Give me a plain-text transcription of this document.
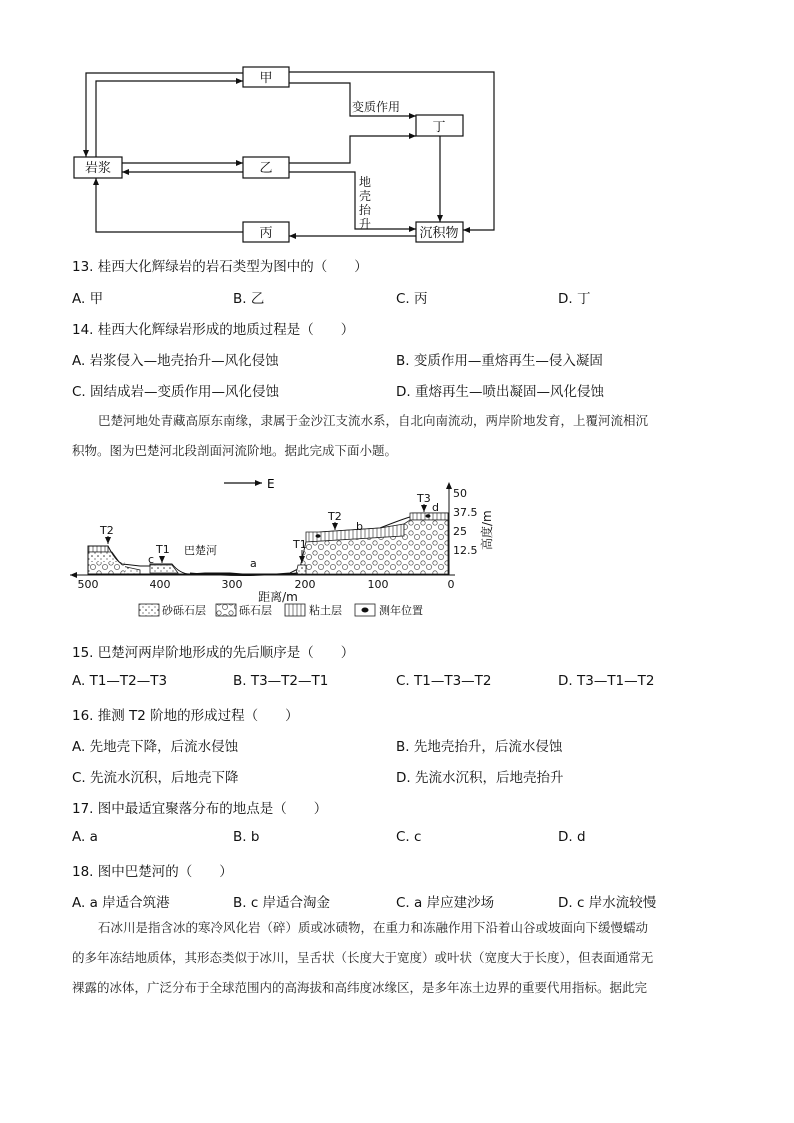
甲
丁
岩浆	乙
丙	沉积物
变质作用
地
壳
抬
升
13. 桂西大化辉绿岩的岩石类型为图中的（　　）
A. 甲	B. 乙	C. 丙	D. 丁
14. 桂西大化辉绿岩形成的地质过程是（　　）
A. 岩浆侵入—地壳抬升—风化侵蚀	B. 变质作用—重熔再生—侵入凝固
C. 固结成岩—变质作用—风化侵蚀	D. 重熔再生—喷出凝固—风化侵蚀
巴楚河地处青藏高原东南缘，隶属于金沙江支流水系，自北向南流动，两岸阶地发育，上覆河流相沉
积物。图为巴楚河北段剖面河流阶地。据此完成下面小题。
E
T2
T1
c
巴楚河
a
T1
T2
b
T3
d
500	400	300	200	100	0
距离/m
50
37.5
25
12.5
高度/m
砂砾石层	砾石层	粘土层	测年位置
15. 巴楚河两岸阶地形成的先后顺序是（　　）
A. T1—T2—T3	B. T3—T2—T1	C. T1—T3—T2	D. T3—T1—T2
16. 推测 T2 阶地的形成过程（　　）
A. 先地壳下降，后流水侵蚀	B. 先地壳抬升，后流水侵蚀
C. 先流水沉积，后地壳下降	D. 先流水沉积，后地壳抬升
17. 图中最适宜聚落分布的地点是（　　）
A. a	B. b	C. c	D. d
18. 图中巴楚河的（　　）
A. a 岸适合筑港	B. c 岸适合淘金	C. a 岸应建沙场	D. c 岸水流较慢
石冰川是指含冰的寒冷风化岩（碎）质或冰碛物，在重力和冻融作用下沿着山谷或坡面向下缓慢蠕动
的多年冻结地质体，其形态类似于冰川，呈舌状（长度大于宽度）或叶状（宽度大于长度），但表面通常无
裸露的冰体，广泛分布于全球范围内的高海拔和高纬度冰缘区，是多年冻土边界的重要代用指标。据此完
